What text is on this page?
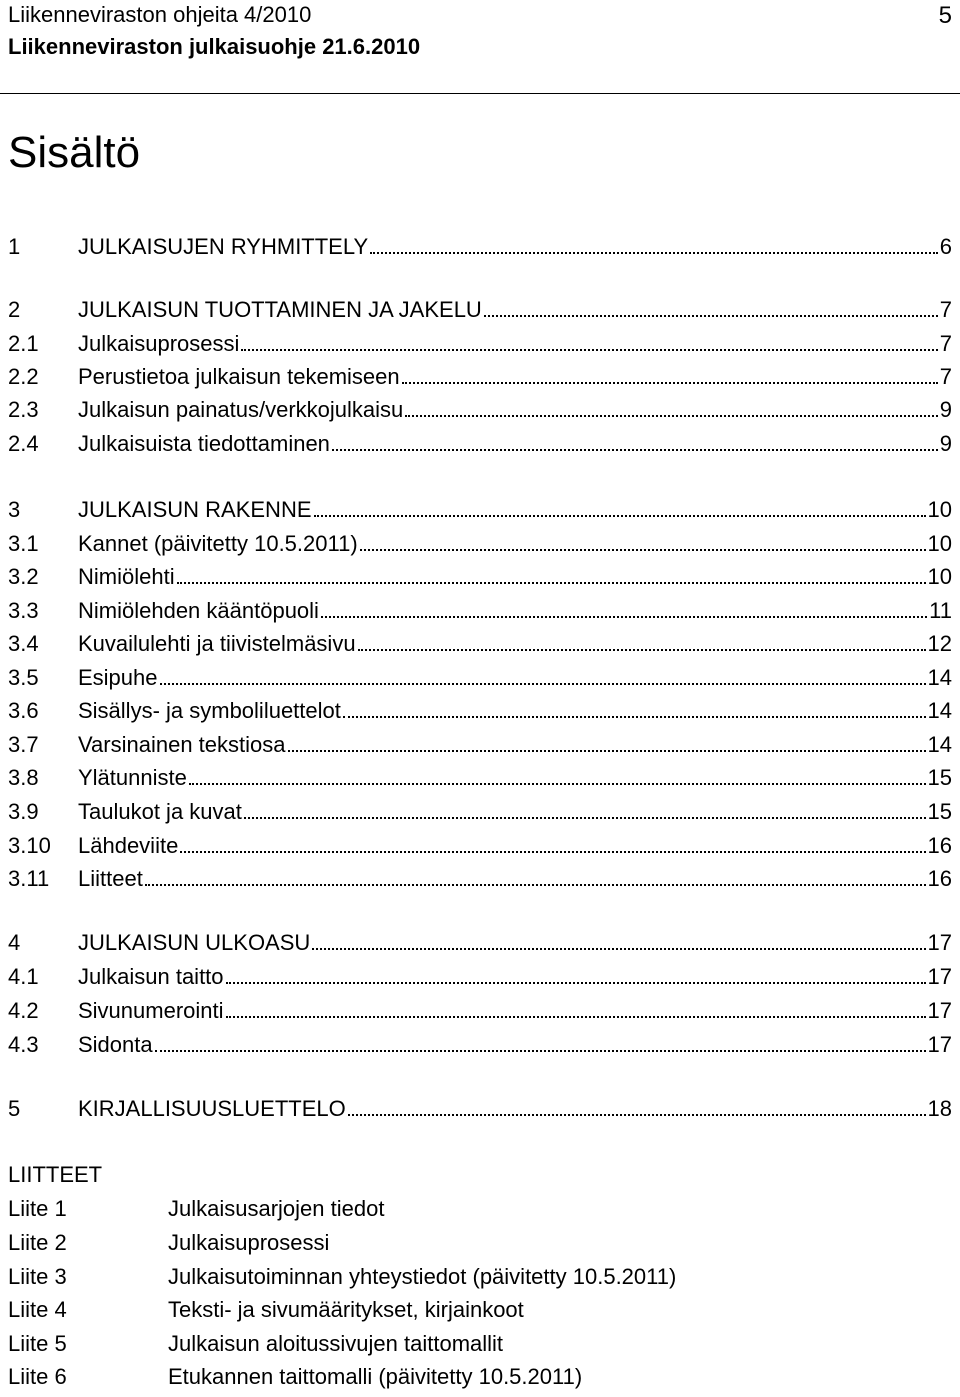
Liikenneviraston ohjeita 4/2010
Liikenneviraston julkaisuohje 21.6.2010
5
Sisältö
1	JULKAISUJEN RYHMITTELY	6
2	JULKAISUN TUOTTAMINEN JA JAKELU	7
2.1	Julkaisuprosessi	7
2.2	Perustietoa julkaisun tekemiseen	7
2.3	Julkaisun painatus/verkkojulkaisu	9
2.4	Julkaisuista tiedottaminen	9
3	JULKAISUN RAKENNE	10
3.1	Kannet (päivitetty 10.5.2011)	10
3.2	Nimiölehti	10
3.3	Nimiölehden kääntöpuoli	11
3.4	Kuvailulehti ja tiivistelmäsivu	12
3.5	Esipuhe	14
3.6	Sisällys- ja symboliluettelot	14
3.7	Varsinainen tekstiosa	14
3.8	Ylätunniste	15
3.9	Taulukot ja kuvat	15
3.10	Lähdeviite	16
3.11	Liitteet	16
4	JULKAISUN ULKOASU	17
4.1	Julkaisun taitto	17
4.2	Sivunumerointi	17
4.3	Sidonta	17
5	KIRJALLISUUSLUETTELO	18
LIITTEET
Liite 1	Julkaisusarjojen tiedot
Liite 2	Julkaisuprosessi
Liite 3	Julkaisutoiminnan yhteystiedot (päivitetty 10.5.2011)
Liite 4	Teksti- ja sivumääritykset, kirjainkoot
Liite 5	Julkaisun aloitussivujen taittomallit
Liite 6	Etukannen taittomalli (päivitetty 10.5.2011)
